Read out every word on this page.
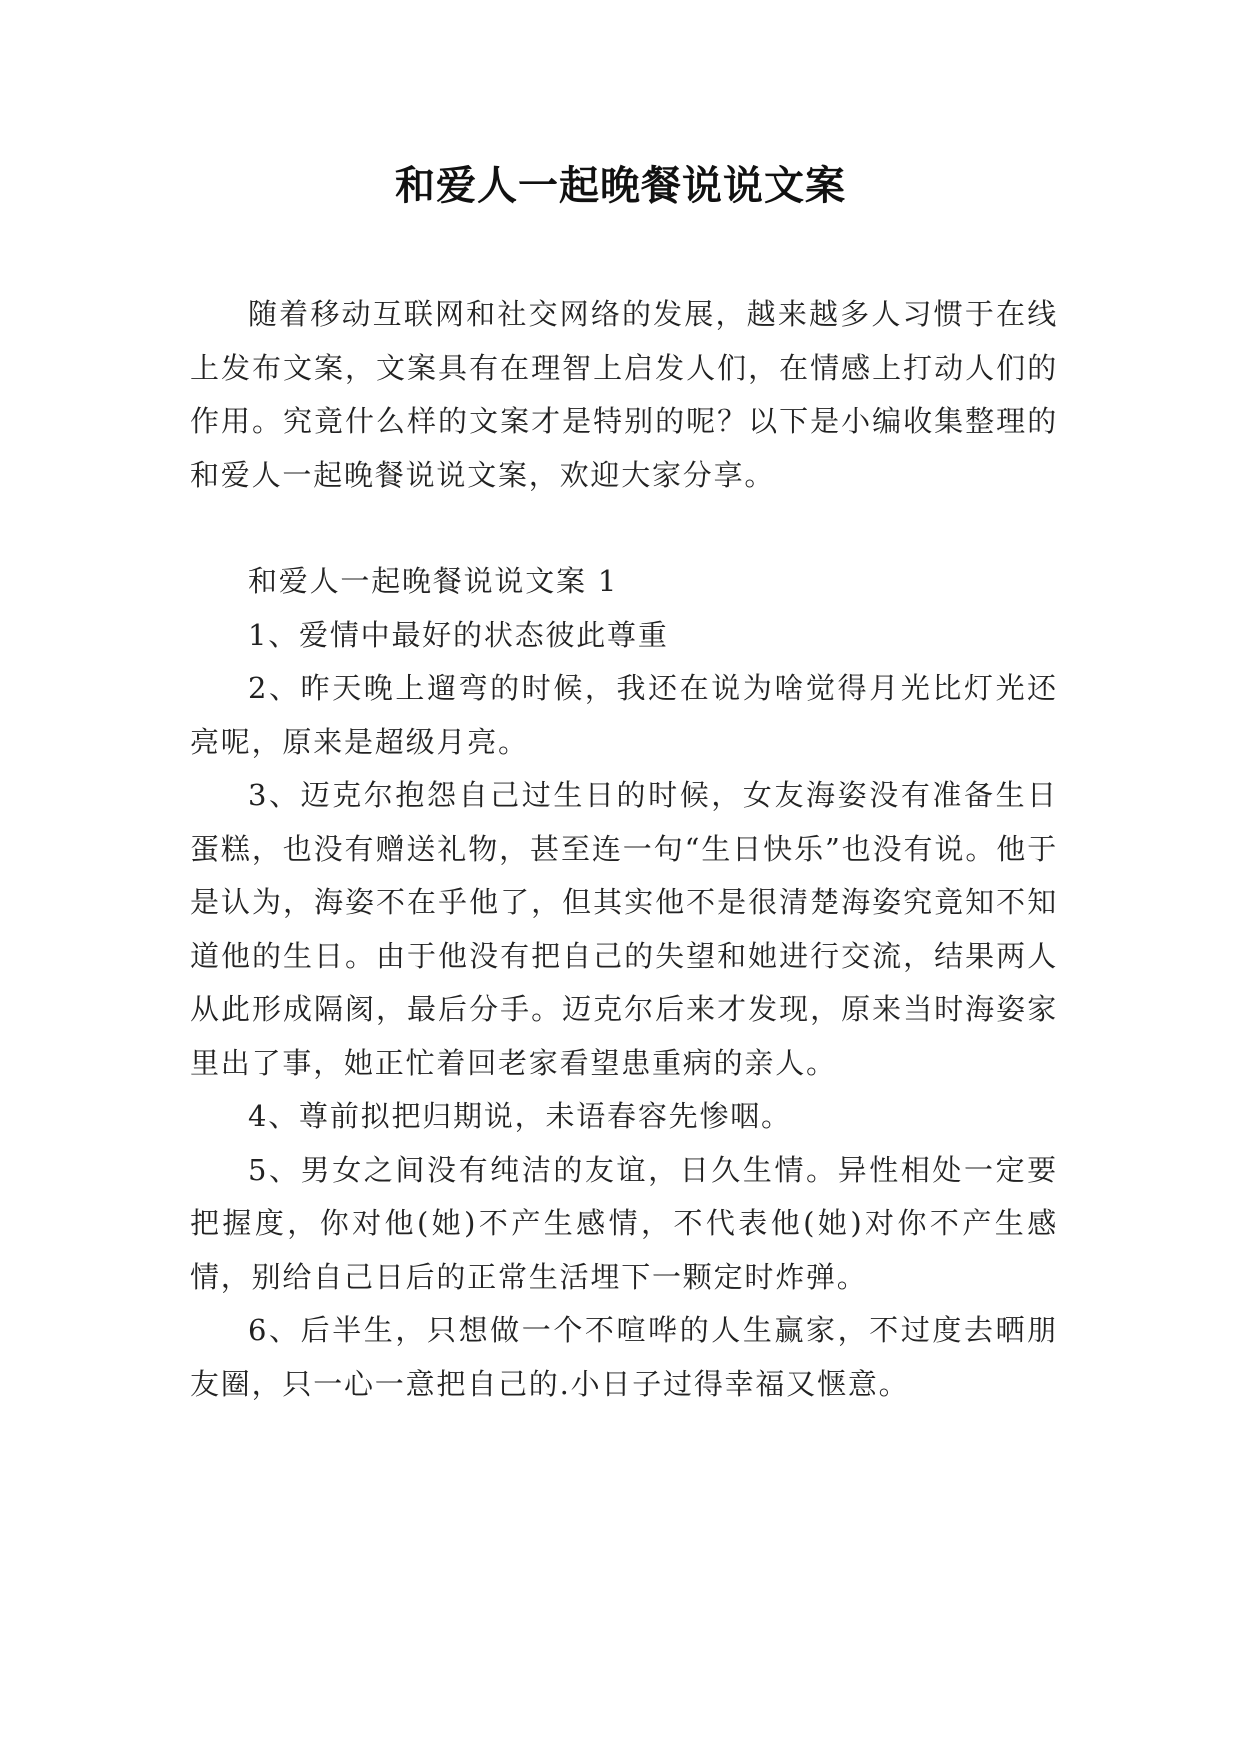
和爱人一起晚餐说说文案

随着移动互联网和社交网络的发展，越来越多人习惯于在线上发布文案，文案具有在理智上启发人们，在情感上打动人们的作用。究竟什么样的文案才是特别的呢？以下是小编收集整理的和爱人一起晚餐说说文案，欢迎大家分享。

和爱人一起晚餐说说文案 1

1、爱情中最好的状态彼此尊重

2、昨天晚上遛弯的时候，我还在说为啥觉得月光比灯光还亮呢，原来是超级月亮。

3、迈克尔抱怨自己过生日的时候，女友海姿没有准备生日蛋糕，也没有赠送礼物，甚至连一句“生日快乐”也没有说。他于是认为，海姿不在乎他了，但其实他不是很清楚海姿究竟知不知道他的生日。由于他没有把自己的失望和她进行交流，结果两人从此形成隔阂，最后分手。迈克尔后来才发现，原来当时海姿家里出了事，她正忙着回老家看望患重病的亲人。

4、尊前拟把归期说，未语春容先惨咽。

5、男女之间没有纯洁的友谊，日久生情。异性相处一定要把握度，你对他(她)不产生感情，不代表他(她)对你不产生感情，别给自己日后的正常生活埋下一颗定时炸弹。

6、后半生，只想做一个不喧哗的人生赢家，不过度去晒朋友圈，只一心一意把自己的.小日子过得幸福又惬意。
